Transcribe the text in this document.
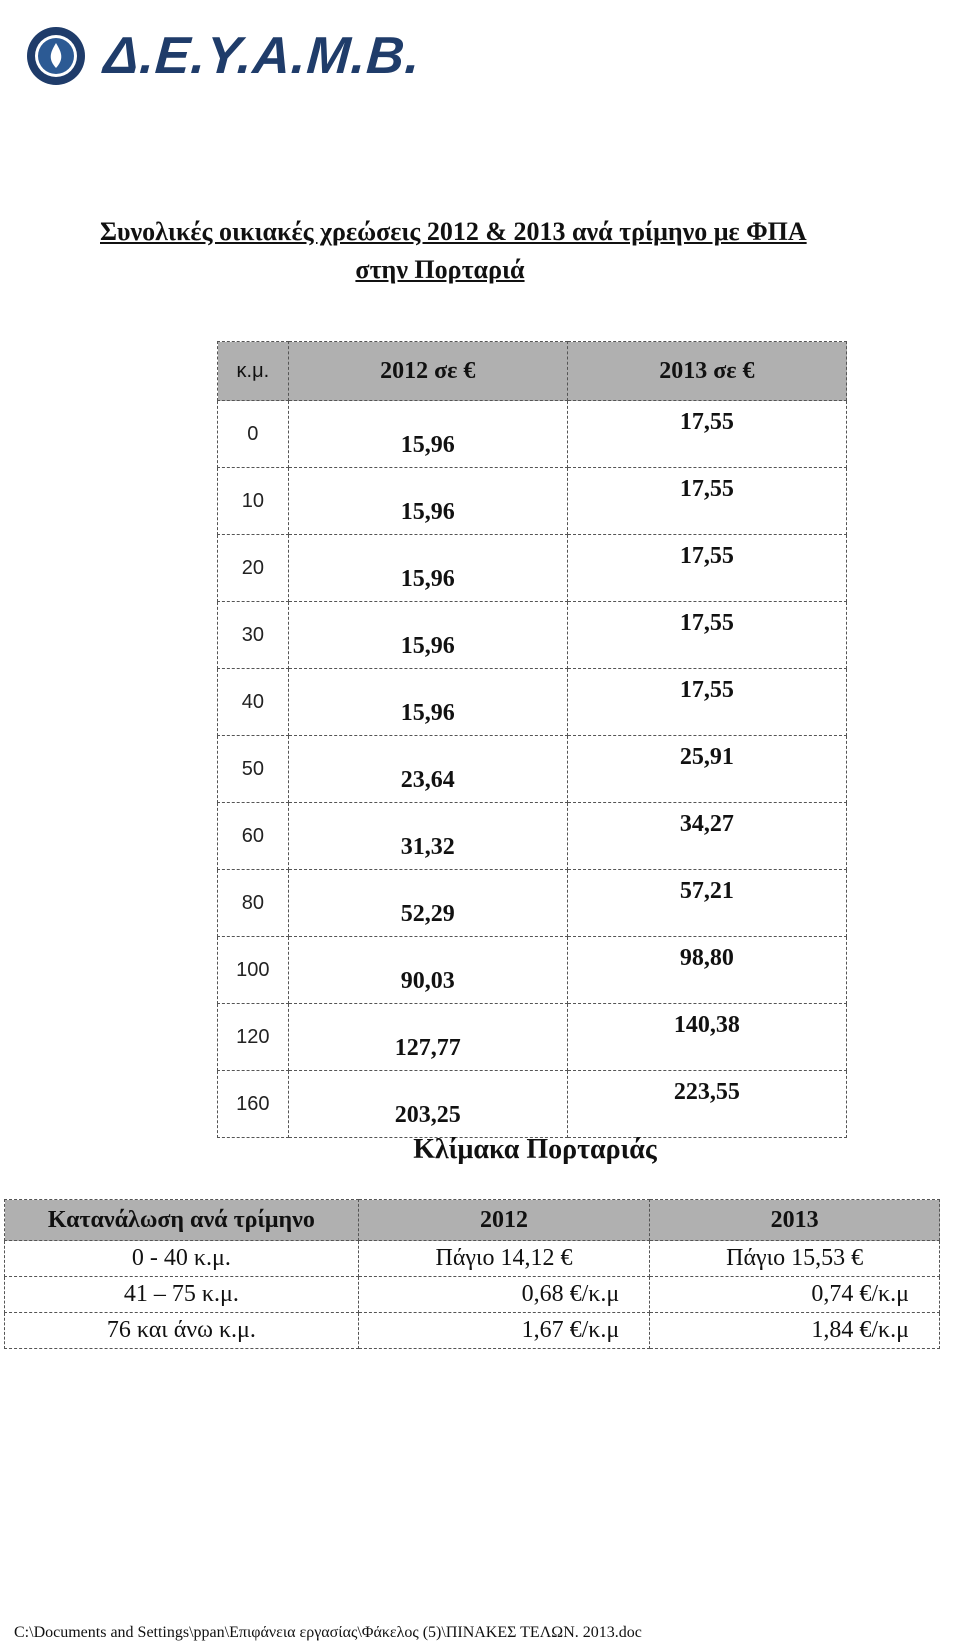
Δ.Ε.Υ.Α.Μ.Β.
Συνολικές οικιακές χρεώσεις 2012 & 2013 ανά τρίμηνο με ΦΠΑ
στην Πορταριά
κ.μ.	2012 σε €	2013 σε €
0	15,96	17,55
10	15,96	17,55
20	15,96	17,55
30	15,96	17,55
40	15,96	17,55
50	23,64	25,91
60	31,32	34,27
80	52,29	57,21
100	90,03	98,80
120	127,77	140,38
160	203,25	223,55
Κλίμακα Πορταριάς
Κατανάλωση ανά τρίμηνο	2012	2013
0 - 40 κ.μ.	Πάγιο 14,12 €	Πάγιο 15,53 €
41 – 75 κ.μ.	0,68 €/κ.μ	0,74 €/κ.μ
76 και άνω κ.μ.	1,67 €/κ.μ	1,84 €/κ.μ
C:\Documents and Settings\ppan\Επιφάνεια εργασίας\Φάκελος (5)\ΠΙΝΑΚΕΣ ΤΕΛΩΝ. 2013.doc
